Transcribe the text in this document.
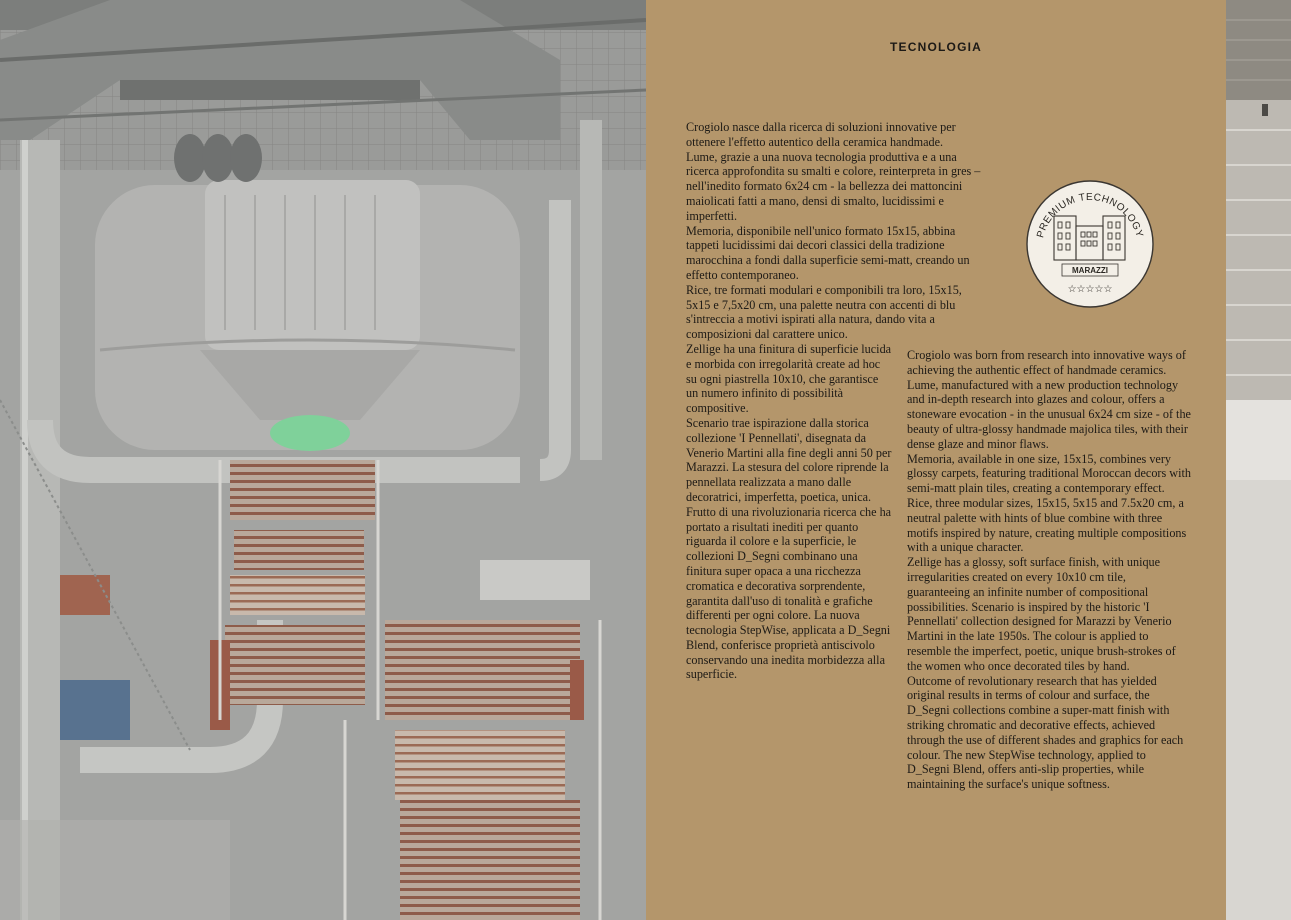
TECNOLOGIA

Crogiolo nasce dalla ricerca di soluzioni innovative per ottenere l'effetto autentico della ceramica handmade.

Lume, grazie a una nuova tecnologia produttiva e a una ricerca approfondita su smalti e colore, reinterpreta in gres – nell'inedito formato 6x24 cm - la bellezza dei mattoncini maiolicati fatti a mano, densi di smalto, lucidissimi e imperfetti.

Memoria, disponibile nell'unico formato 15x15, abbina tappeti lucidissimi dai decori classici della tradizione marocchina a fondi dalla superficie semi-matt, creando un effetto contemporaneo.

Rice, tre formati modulari e componibili tra loro, 15x15, 5x15 e 7,5x20 cm, una palette neutra con accenti di blu s'intreccia a motivi ispirati alla natura, dando vita a composizioni dal carattere unico.

Zellige ha una finitura di superficie lucida e morbida con irregolarità create ad hoc su ogni piastrella 10x10, che garantisce un numero infinito di possibilità compositive.

Scenario trae ispirazione dalla storica collezione 'I Pennellati', disegnata da Venerio Martini alla fine degli anni 50 per Marazzi. La stesura del colore riprende la pennellata realizzata a mano dalle decoratrici, imperfetta, poetica, unica.

Frutto di una rivoluzionaria ricerca che ha portato a risultati inediti per quanto riguarda il colore e la superficie, le collezioni D_Segni combinano una finitura super opaca a una ricchezza cromatica e decorativa sorprendente, garantita dall'uso di tonalità e grafiche differenti per ogni colore. La nuova tecnologia StepWise, applicata a D_Segni Blend, conferisce proprietà antiscivolo conservando una inedita morbidezza alla superficie.

PREMIUM TECHNOLOGY
MARAZZI
☆☆☆☆☆

Crogiolo was born from research into innovative ways of achieving the authentic effect of handmade ceramics. Lume, manufactured with a new production technology and in-depth research into glazes and colour, offers a stoneware evocation - in the unusual 6x24 cm size - of the beauty of ultra-glossy handmade majolica tiles, with their dense glaze and minor flaws.

Memoria, available in one size, 15x15, combines very glossy carpets, featuring traditional Moroccan decors with semi-matt plain tiles, creating a contemporary effect. Rice, three modular sizes, 15x15, 5x15 and 7.5x20 cm, a neutral palette with hints of blue combine with three motifs inspired by nature, creating multiple compositions with a unique character.

Zellige has a glossy, soft surface finish, with unique irregularities created on every 10x10 cm tile, guaranteeing an infinite number of compositional possibilities. Scenario is inspired by the historic 'I Pennellati' collection designed for Marazzi by Venerio Martini in the late 1950s. The colour is applied to resemble the imperfect, poetic, unique brush-strokes of the women who once decorated tiles by hand.

Outcome of revolutionary research that has yielded original results in terms of colour and surface, the D_Segni collections combine a super-matt finish with striking chromatic and decorative effects, achieved through the use of different shades and graphics for each colour. The new StepWise technology, applied to D_Segni Blend, offers anti-slip properties, while maintaining the surface's unique softness.
